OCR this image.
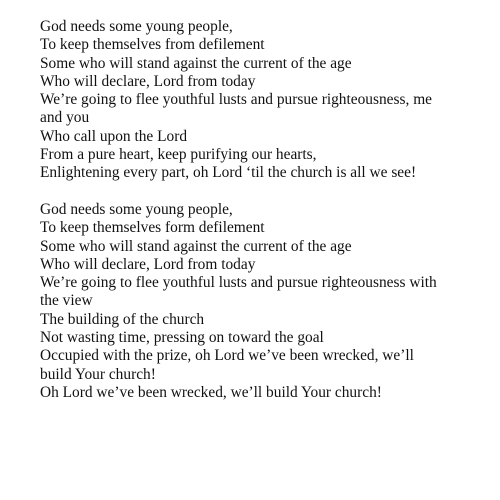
God needs some young people,
To keep themselves from defilement
Some who will stand against the current of the age
Who will declare, Lord from today
We’re going to flee youthful lusts and pursue righteousness, me
and you
Who call upon the Lord
From a pure heart, keep purifying our hearts,
Enlightening every part, oh Lord ‘til the church is all we see!
God needs some young people,
To keep themselves form defilement
Some who will stand against the current of the age
Who will declare, Lord from today
We’re going to flee youthful lusts and pursue righteousness with
the view
The building of the church
Not wasting time, pressing on toward the goal
Occupied with the prize, oh Lord we’ve been wrecked, we’ll
build Your church!
Oh Lord we’ve been wrecked, we’ll build Your church!
